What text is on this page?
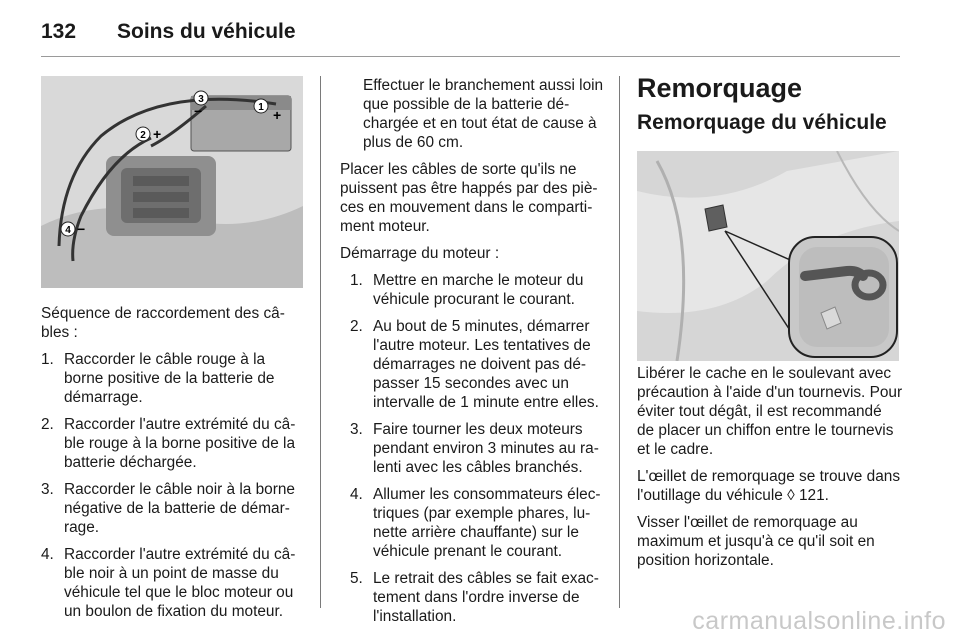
132	Soins du véhicule
1 +
2 +
3
−
4 −

Séquence de raccordement des câbles :

1. Raccorder le câble rouge à la borne positive de la batterie de démarrage.
2. Raccorder l'autre extrémité du câble rouge à la borne positive de la batterie déchargée.
3. Raccorder le câble noir à la borne négative de la batterie de démarrage.
4. Raccorder l'autre extrémité du câble noir à un point de masse du véhicule tel que le bloc moteur ou un boulon de fixation du moteur.

Effectuer le branchement aussi loin que possible de la batterie déchargée et en tout état de cause à plus de 60 cm.

Placer les câbles de sorte qu'ils ne puissent pas être happés par des pièces en mouvement dans le compartiment moteur.

Démarrage du moteur :

1. Mettre en marche le moteur du véhicule procurant le courant.
2. Au bout de 5 minutes, démarrer l'autre moteur. Les tentatives de démarrages ne doivent pas dépasser 15 secondes avec un intervalle de 1 minute entre elles.
3. Faire tourner les deux moteurs pendant environ 3 minutes au ralenti avec les câbles branchés.
4. Allumer les consommateurs électriques (par exemple phares, lunette arrière chauffante) sur le véhicule prenant le courant.
5. Le retrait des câbles se fait exactement dans l'ordre inverse de l'installation.
Remorquage
Remorquage du véhicule

Libérer le cache en le soulevant avec précaution à l'aide d'un tournevis. Pour éviter tout dégât, il est recommandé de placer un chiffon entre le tournevis et le cadre.

L'œillet de remorquage se trouve dans l'outillage du véhicule ◊ 121.

Visser l'œillet de remorquage au maximum et jusqu'à ce qu'il soit en position horizontale.

carmanualsonline.info
